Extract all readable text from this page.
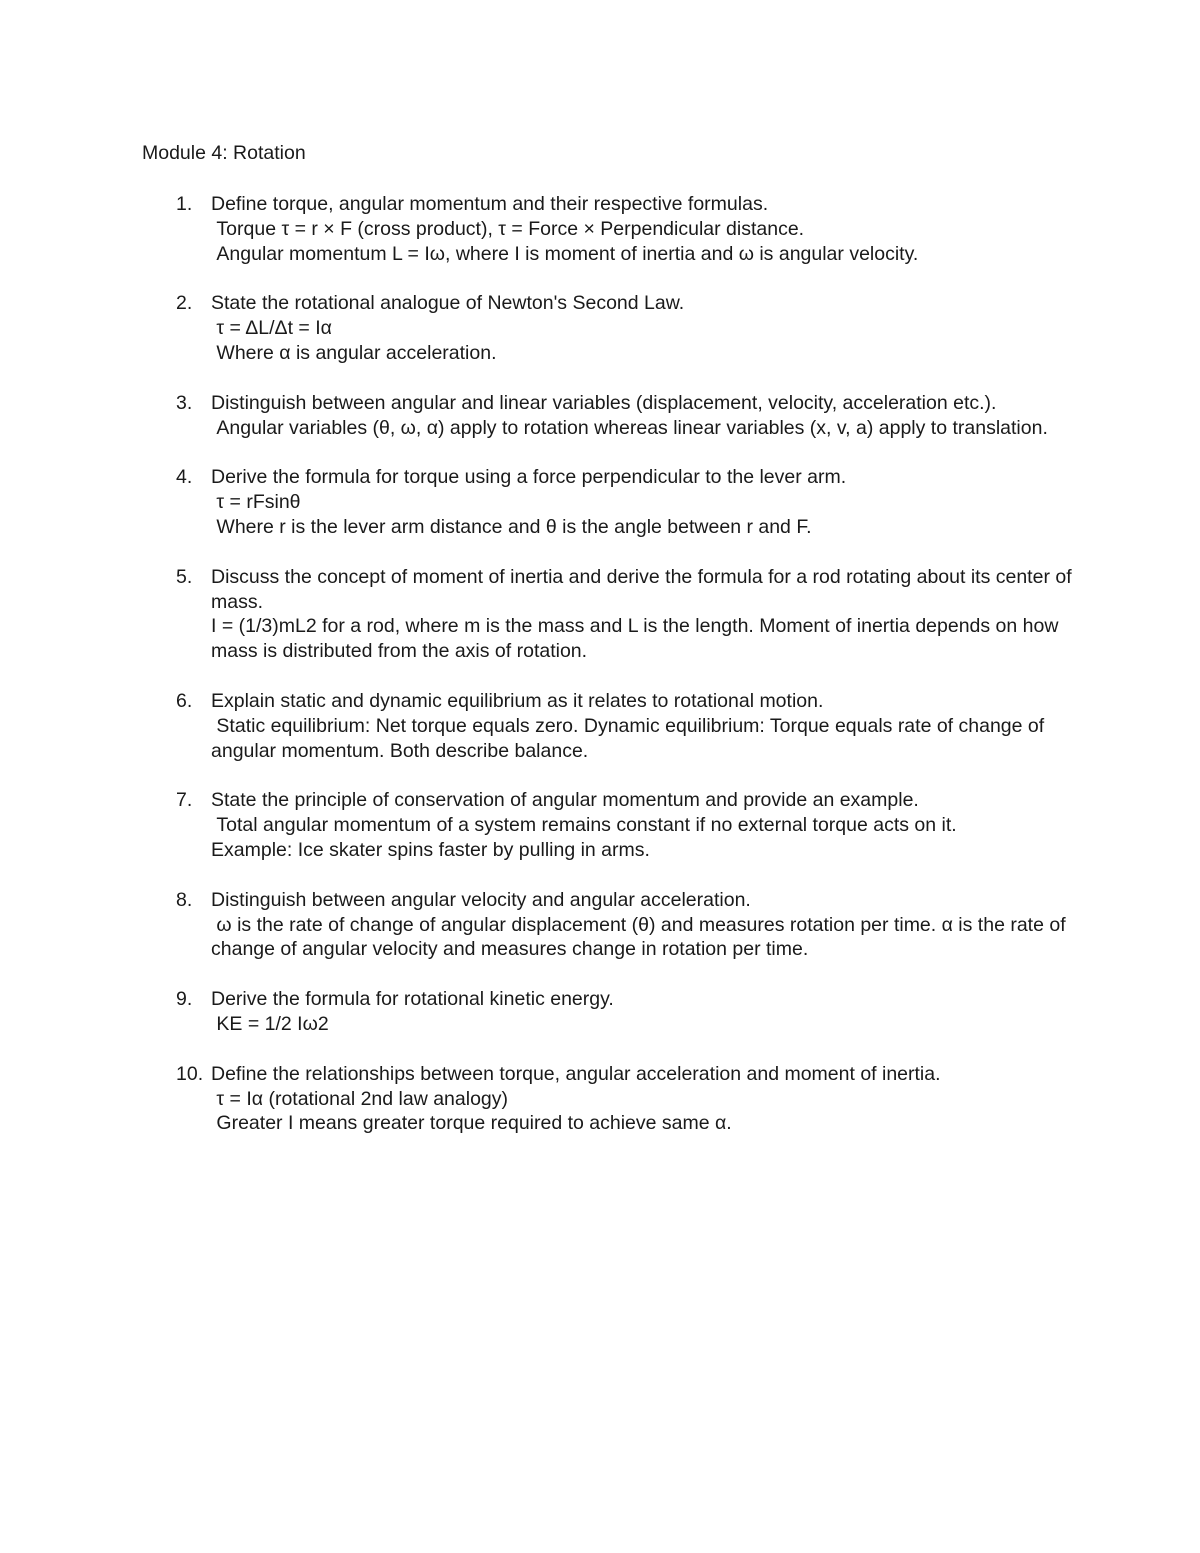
Module 4: Rotation
1. Define torque, angular momentum and their respective formulas.
Torque τ = r × F (cross product), τ = Force × Perpendicular distance.
Angular momentum L = Iω, where I is moment of inertia and ω is angular velocity.
2. State the rotational analogue of Newton's Second Law.
τ = ΔL/Δt = Iα
Where α is angular acceleration.
3. Distinguish between angular and linear variables (displacement, velocity, acceleration etc.).
Angular variables (θ, ω, α) apply to rotation whereas linear variables (x, v, a) apply to translation.
4. Derive the formula for torque using a force perpendicular to the lever arm.
τ = rFsinθ
Where r is the lever arm distance and θ is the angle between r and F.
5. Discuss the concept of moment of inertia and derive the formula for a rod rotating about its center of mass.
I = (1/3)mL2 for a rod, where m is the mass and L is the length. Moment of inertia depends on how mass is distributed from the axis of rotation.
6. Explain static and dynamic equilibrium as it relates to rotational motion.
Static equilibrium: Net torque equals zero. Dynamic equilibrium: Torque equals rate of change of angular momentum. Both describe balance.
7. State the principle of conservation of angular momentum and provide an example.
Total angular momentum of a system remains constant if no external torque acts on it.
Example: Ice skater spins faster by pulling in arms.
8. Distinguish between angular velocity and angular acceleration.
ω is the rate of change of angular displacement (θ) and measures rotation per time. α is the rate of change of angular velocity and measures change in rotation per time.
9. Derive the formula for rotational kinetic energy.
KE = 1/2 Iω2
10. Define the relationships between torque, angular acceleration and moment of inertia.
τ = Iα (rotational 2nd law analogy)
Greater I means greater torque required to achieve same α.
